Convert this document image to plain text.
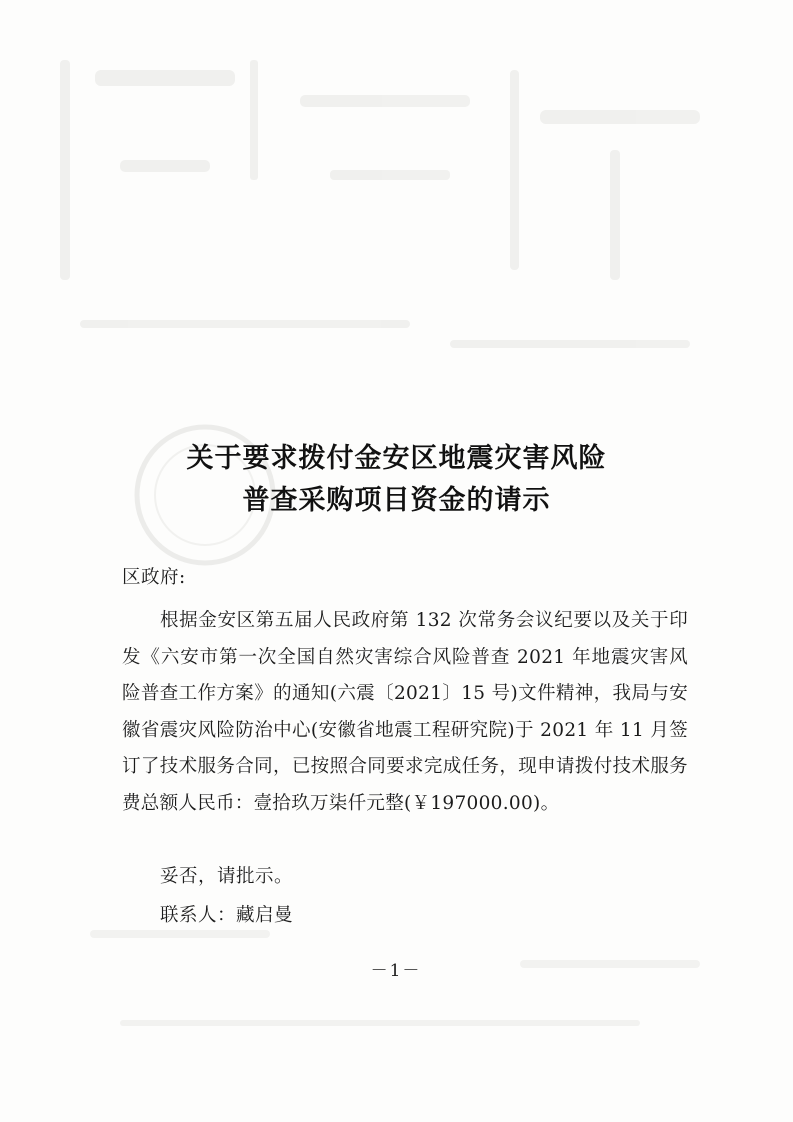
关于要求拨付金安区地震灾害风险
普查采购项目资金的请示
区政府:
根据金安区第五届人民政府第 132 次常务会议纪要以及关于印发《六安市第一次全国自然灾害综合风险普查 2021 年地震灾害风险普查工作方案》的通知(六震〔2021〕15 号)文件精神，我局与安徽省震灾风险防治中心(安徽省地震工程研究院)于 2021 年 11 月签订了技术服务合同，已按照合同要求完成任务，现申请拨付技术服务费总额人民币：壹拾玖万柒仟元整(￥197000.00)。
妥否，请批示。
联系人：藏启曼
－1－
